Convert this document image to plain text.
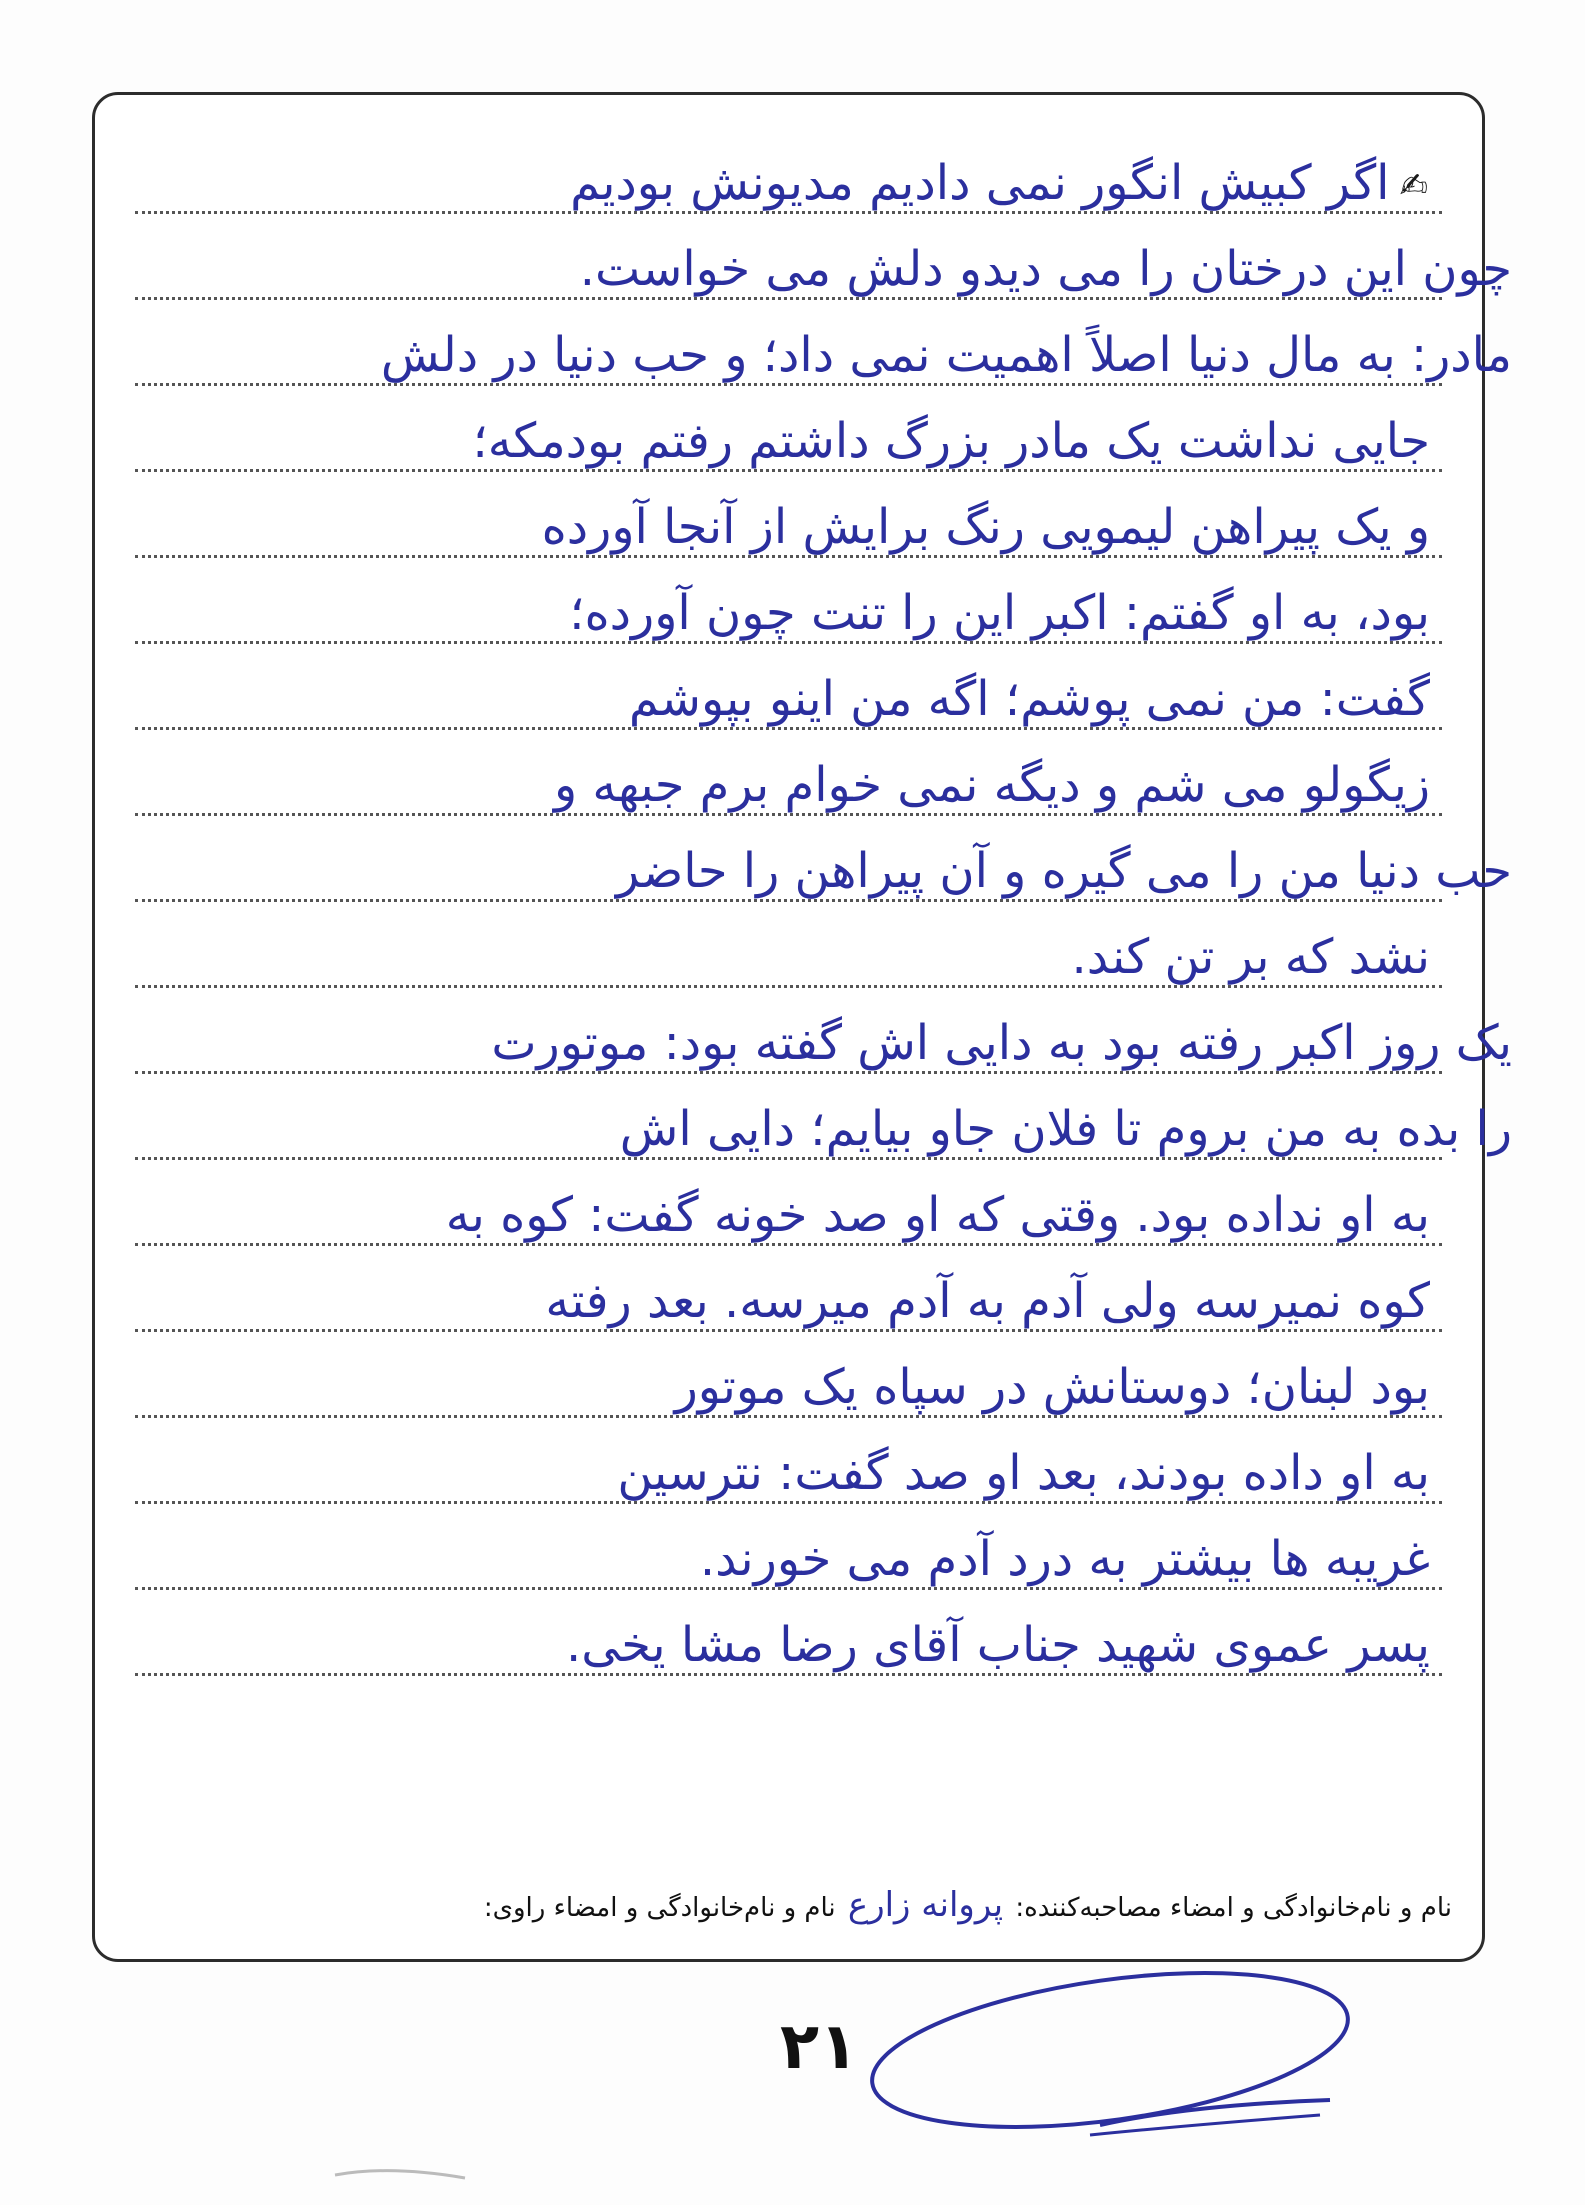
✍اگر کبیش انگور نمی دادیم مدیونش بودیم
چون این درختان را می دیدو دلش می خواست.
مادر: به مال دنیا اصلاً اهمیت نمی داد؛ و حب دنیا در دلش
جایی نداشت یک مادر بزرگ داشتم رفتم بودمکه؛
و یک پیراهن لیمویی رنگ برایش از آنجا آورده
بود، به او گفتم: اکبر این را تنت چون آورده؛
گفت: من نمی پوشم؛ اگه من اینو بپوشم
زیگولو می شم و دیگه نمی خوام برم جبهه و
حب دنیا من را می گیره و آن پیراهن را حاضر
نشد که بر تن کند.
یک روز اکبر رفته بود به دایی اش گفته بود: موتورت
را بده به من بروم تا فلان جاو بیایم؛ دایی اش
به او نداده بود. وقتی که او صد خونه گفت: کوه به
کوه نمیرسه ولی آدم به آدم میرسه. بعد رفته
بود لبنان؛ دوستانش در سپاه یک موتور
به او داده بودند، بعد او صد گفت: نترسین
غریبه ها بیشتر به درد آدم می خورند.
پسر عموی شهید جناب آقای رضا مشا یخی.
نام و نام‌خانوادگی و امضاء مصاحبه‌کننده: پروانه زارع نام و نام‌خانوادگی و امضاء راوی:
۲۱
